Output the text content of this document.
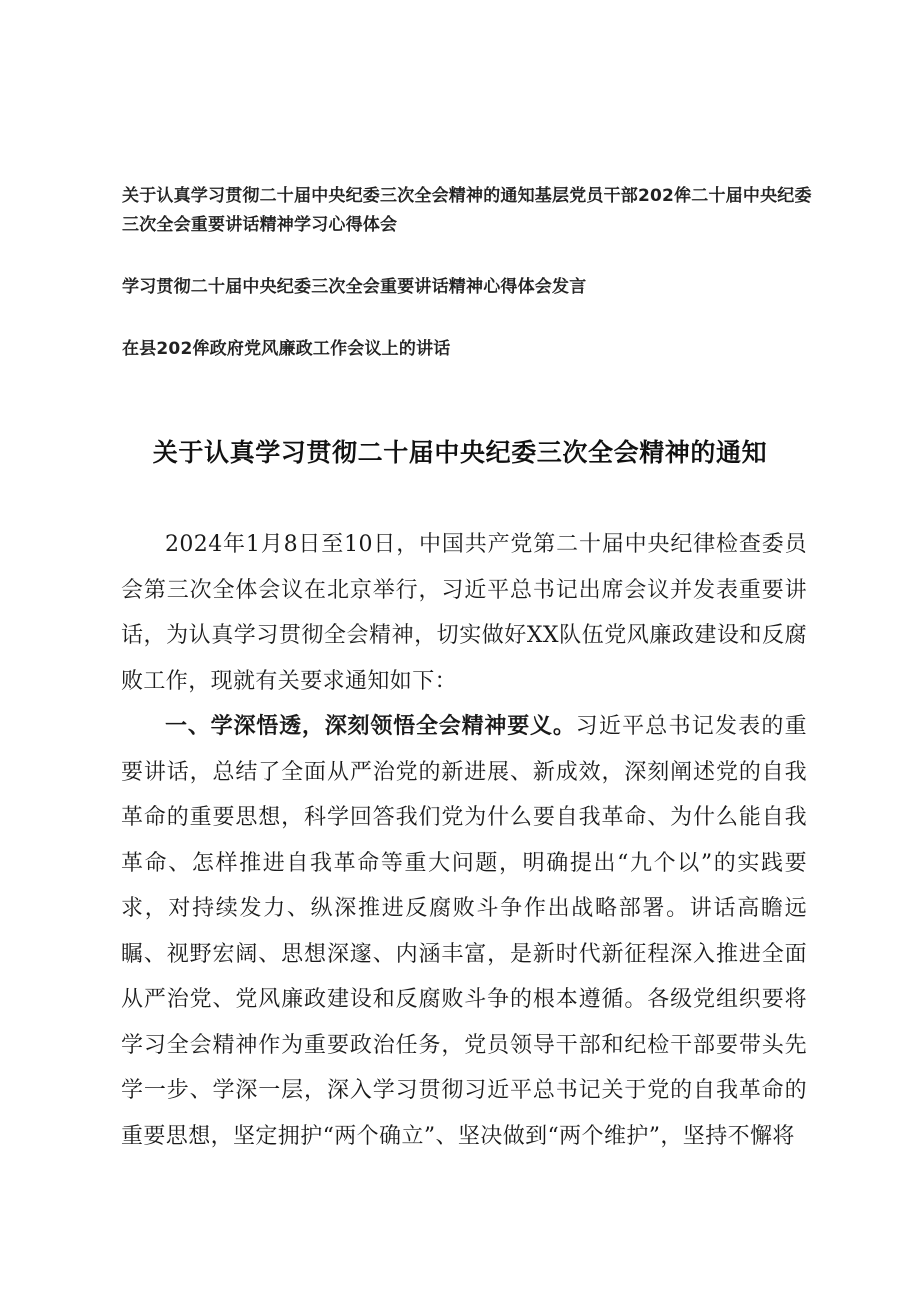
关于认真学习贯彻二十届中央纪委三次全会精神的通知基层党员干部202侔二十届中央纪委三次全会重要讲话精神学习心得体会

学习贯彻二十届中央纪委三次全会重要讲话精神心得体会发言

在县202侔政府党风廉政工作会议上的讲话

关于认真学习贯彻二十届中央纪委三次全会精神的通知

2024年1月8日至10日，中国共产党第二十届中央纪律检查委员会第三次全体会议在北京举行，习近平总书记出席会议并发表重要讲话，为认真学习贯彻全会精神，切实做好XX队伍党风廉政建设和反腐败工作，现就有关要求通知如下：

一、学深悟透，深刻领悟全会精神要义。习近平总书记发表的重要讲话，总结了全面从严治党的新进展、新成效，深刻阐述党的自我革命的重要思想，科学回答我们党为什么要自我革命、为什么能自我革命、怎样推进自我革命等重大问题，明确提出“九个以”的实践要求，对持续发力、纵深推进反腐败斗争作出战略部署。讲话高瞻远瞩、视野宏阔、思想深邃、内涵丰富，是新时代新征程深入推进全面从严治党、党风廉政建设和反腐败斗争的根本遵循。各级党组织要将学习全会精神作为重要政治任务，党员领导干部和纪检干部要带头先学一步、学深一层，深入学习贯彻习近平总书记关于党的自我革命的重要思想，坚定拥护“两个确立”、坚决做到“两个维护”，坚持不懈将
